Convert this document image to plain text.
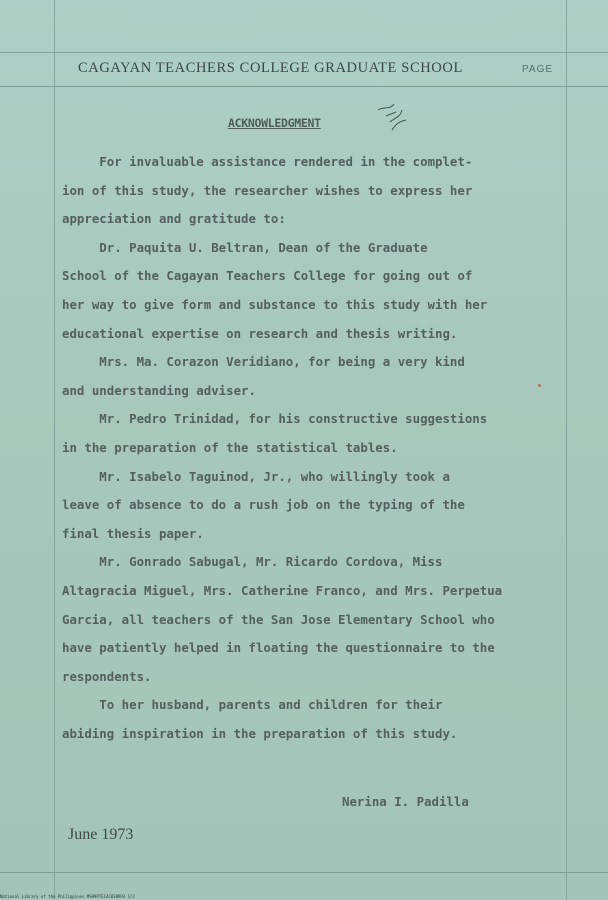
CAGAYAN TEACHERS COLLEGE GRADUATE SCHOOL	PAGE
ACKNOWLEDGMENT
For invaluable assistance rendered in the complet-
ion of this study, the researcher wishes to express her
appreciation and gratitude to:
Dr. Paquita U. Beltran, Dean of the Graduate
School of the Cagayan Teachers College for going out of
her way to give form and substance to this study with her
educational expertise on research and thesis writing.
Mrs. Ma. Corazon Veridiano, for being a very kind
and understanding adviser.
Mr. Pedro Trinidad, for his constructive suggestions
in the preparation of the statistical tables.
Mr. Isabelo Taguinod, Jr., who willingly took a
leave of absence to do a rush job on the typing of the
final thesis paper.
Mr. Gonrado Sabugal, Mr. Ricardo Cordova, Miss
Altagracia Miguel, Mrs. Catherine Franco, and Mrs. Perpetua
Garcia, all teachers of the San Jose Elementary School who
have patiently helped in floating the questionnaire to the
respondents.
To her husband, parents and children for their
abiding inspiration in the preparation of this study.
Nerina I. Padilla
June 1973
National Library of the Philippines MS09PTE14C038993 1/2
